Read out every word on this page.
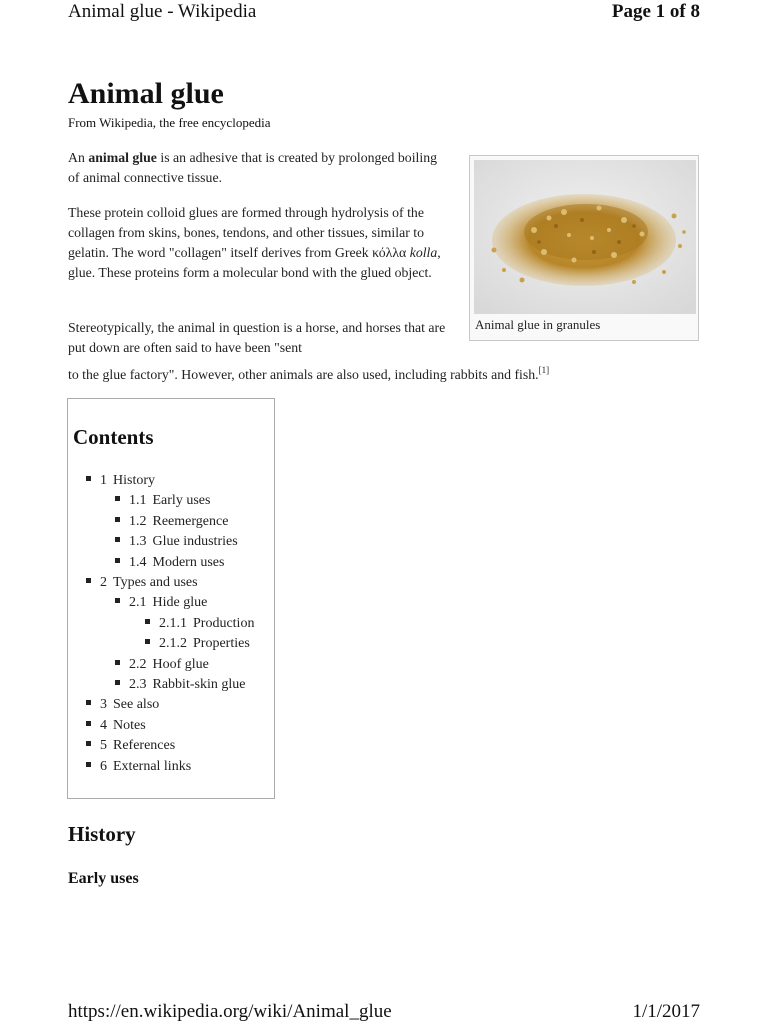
Animal glue - Wikipedia	Page 1 of 8
Animal glue
From Wikipedia, the free encyclopedia

An animal glue is an adhesive that is created by prolonged boiling of animal connective tissue.

These protein colloid glues are formed through hydrolysis of the collagen from skins, bones, tendons, and other tissues, similar to gelatin. The word "collagen" itself derives from Greek κόλλα kolla, glue. These proteins form a molecular bond with the glued object.

Stereotypically, the animal in question is a horse, and horses that are put down are often said to have been "sent

to the glue factory". However, other animals are also used, including rabbits and fish.[1]
Animal glue in granules
Contents
1 History
1.1 Early uses
1.2 Reemergence
1.3 Glue industries
1.4 Modern uses
2 Types and uses
2.1 Hide glue
2.1.1 Production
2.1.2 Properties
2.2 Hoof glue
2.3 Rabbit-skin glue
3 See also
4 Notes
5 References
6 External links
History
Early uses
https://en.wikipedia.org/wiki/Animal_glue	1/1/2017
